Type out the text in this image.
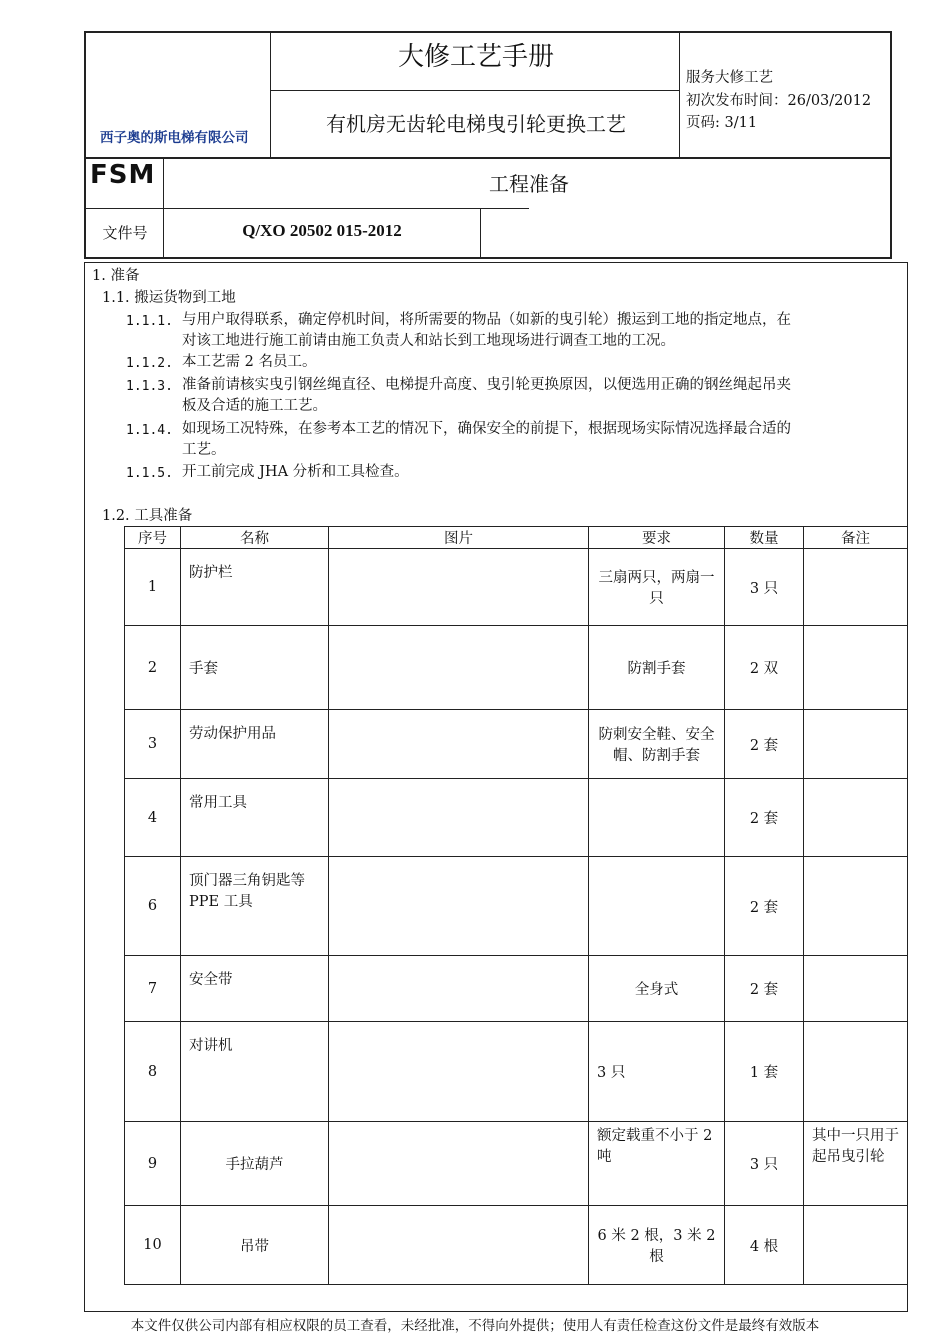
西子奥的斯电梯有限公司
大修工艺手册
有机房无齿轮电梯曳引轮更换工艺
服务大修工艺
初次发布时间：26/03/2012
页码: 3/11
FSM	工程准备
文件号	Q/XO 20502 015-2012
1. 准备
1.1. 搬运货物到工地
1.1.1. 与用户取得联系，确定停机时间，将所需要的物品（如新的曳引轮）搬运到工地的指定地点，在
对该工地进行施工前请由施工负责人和站长到工地现场进行调查工地的工况。
1.1.2. 本工艺需 2 名员工。
1.1.3. 准备前请核实曳引钢丝绳直径、电梯提升高度、曳引轮更换原因，以便选用正确的钢丝绳起吊夹
板及合适的施工工艺。
1.1.4. 如现场工况特殊，在参考本工艺的情况下，确保安全的前提下，根据现场实际情况选择最合适的
工艺。
1.1.5. 开工前完成 JHA 分析和工具检查。
1.2. 工具准备
序号	名称	图片	要求	数量	备注
1	防护栏		三扇两只，两扇一只	3 只	
2	手套		防割手套	2 双	
3	劳动保护用品		防刺安全鞋、安全帽、防割手套	2 套	
4	常用工具			2 套	
6	顶门器三角钥匙等 PPE 工具			2 套	
7	安全带		全身式	2 套	
8	对讲机		3 只	1 套	
9	手拉葫芦		额定载重不小于 2 吨	3 只	其中一只用于起吊曳引轮
10	吊带		6 米 2 根，3 米 2 根	4 根	
本文件仅供公司内部有相应权限的员工查看，未经批准，不得向外提供；使用人有责任检查这份文件是最终有效版本
